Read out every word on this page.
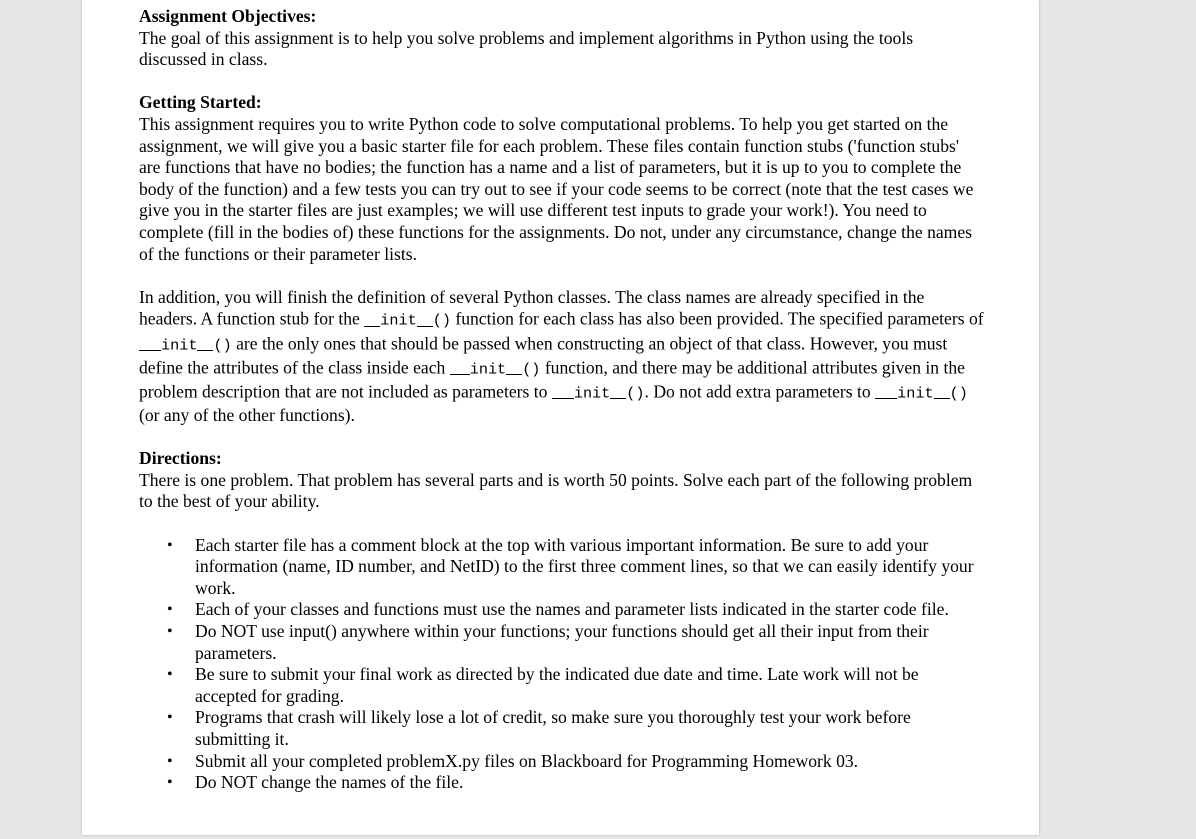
Assignment Objectives:

The goal of this assignment is to help you solve problems and implement algorithms in Python using the tools discussed in class.

Getting Started:

This assignment requires you to write Python code to solve computational problems. To help you get started on the assignment, we will give you a basic starter file for each problem. These files contain function stubs ('function stubs' are functions that have no bodies; the function has a name and a list of parameters, but it is up to you to complete the body of the function) and a few tests you can try out to see if your code seems to be correct (note that the test cases we give you in the starter files are just examples; we will use different test inputs to grade your work!). You need to complete (fill in the bodies of) these functions for the assignments. Do not, under any circumstance, change the names of the functions or their parameter lists.

In addition, you will finish the definition of several Python classes. The class names are already specified in the headers. A function stub for the init () function for each class has also been provided. The specified parameters of init () are the only ones that should be passed when constructing an object of that class. However, you must define the attributes of the class inside each init () function, and there may be additional attributes given in the problem description that are not included as parameters to init (). Do not add extra parameters to init () (or any of the other functions).

Directions:

There is one problem. That problem has several parts and is worth 50 points. Solve each part of the following problem to the best of your ability.

• Each starter file has a comment block at the top with various important information. Be sure to add your information (name, ID number, and NetID) to the first three comment lines, so that we can easily identify your work.
• Each of your classes and functions must use the names and parameter lists indicated in the starter code file.
• Do NOT use input() anywhere within your functions; your functions should get all their input from their parameters.
• Be sure to submit your final work as directed by the indicated due date and time. Late work will not be accepted for grading.
• Programs that crash will likely lose a lot of credit, so make sure you thoroughly test your work before submitting it.
• Submit all your completed problemX.py files on Blackboard for Programming Homework 03.
• Do NOT change the names of the file.
